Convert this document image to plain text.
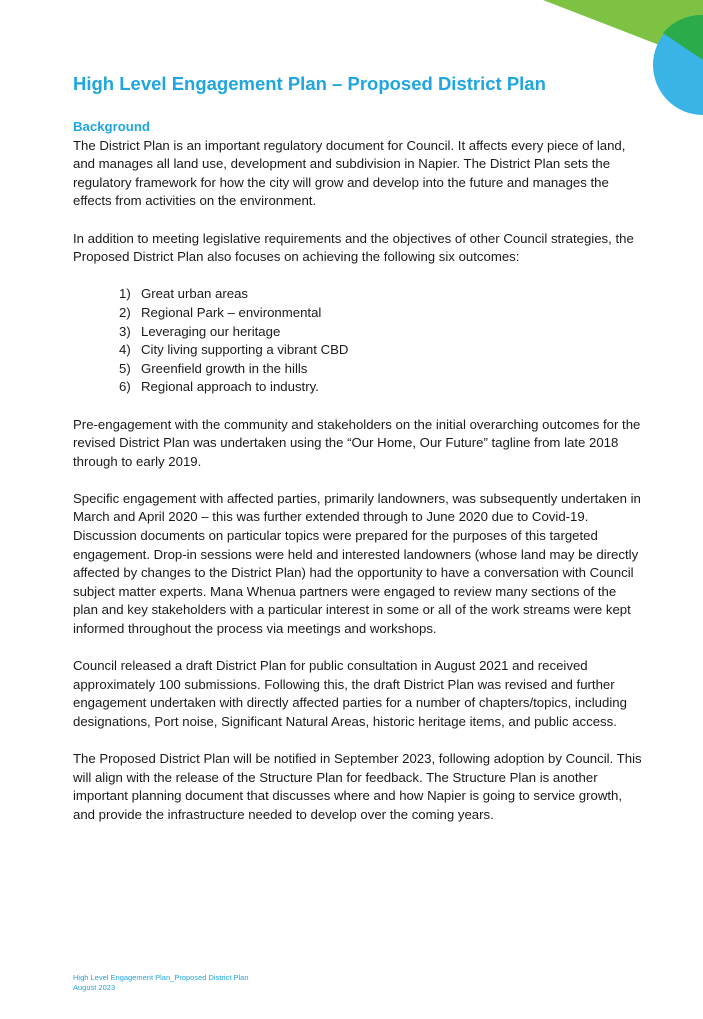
High Level Engagement Plan – Proposed District Plan
Background

The District Plan is an important regulatory document for Council. It affects every piece of land, and manages all land use, development and subdivision in Napier. The District Plan sets the regulatory framework for how the city will grow and develop into the future and manages the effects from activities on the environment.

In addition to meeting legislative requirements and the objectives of other Council strategies, the Proposed District Plan also focuses on achieving the following six outcomes:

1) Great urban areas
2) Regional Park – environmental
3) Leveraging our heritage
4) City living supporting a vibrant CBD
5) Greenfield growth in the hills
6) Regional approach to industry.

Pre-engagement with the community and stakeholders on the initial overarching outcomes for the revised District Plan was undertaken using the “Our Home, Our Future” tagline from late 2018 through to early 2019.

Specific engagement with affected parties, primarily landowners, was subsequently undertaken in March and April 2020 – this was further extended through to June 2020 due to Covid-19. Discussion documents on particular topics were prepared for the purposes of this targeted engagement. Drop-in sessions were held and interested landowners (whose land may be directly affected by changes to the District Plan) had the opportunity to have a conversation with Council subject matter experts. Mana Whenua partners were engaged to review many sections of the plan and key stakeholders with a particular interest in some or all of the work streams were kept informed throughout the process via meetings and workshops.

Council released a draft District Plan for public consultation in August 2021 and received approximately 100 submissions. Following this, the draft District Plan was revised and further engagement undertaken with directly affected parties for a number of chapters/topics, including designations, Port noise, Significant Natural Areas, historic heritage items, and public access.

The Proposed District Plan will be notified in September 2023, following adoption by Council. This will align with the release of the Structure Plan for feedback. The Structure Plan is another important planning document that discusses where and how Napier is going to service growth, and provide the infrastructure needed to develop over the coming years.

High Level Engagement Plan_Proposed District Plan
August 2023
